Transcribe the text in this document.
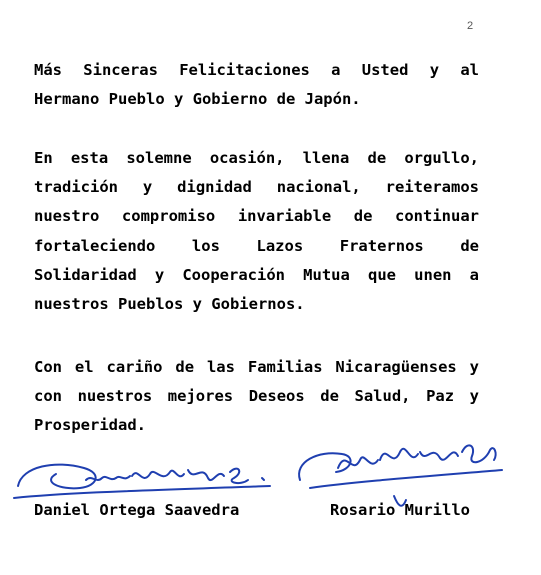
2
Más Sinceras Felicitaciones a Usted y al Hermano Pueblo y Gobierno de Japón.
En esta solemne ocasión, llena de orgullo, tradición y dignidad nacional, reiteramos nuestro compromiso invariable de continuar fortaleciendo los Lazos Fraternos de Solidaridad y Cooperación Mutua que unen a nuestros Pueblos y Gobiernos.
Con el cariño de las Familias Nicaragüenses y con nuestros mejores Deseos de Salud, Paz y Prosperidad.
Daniel Ortega Saavedra	Rosario Murillo
